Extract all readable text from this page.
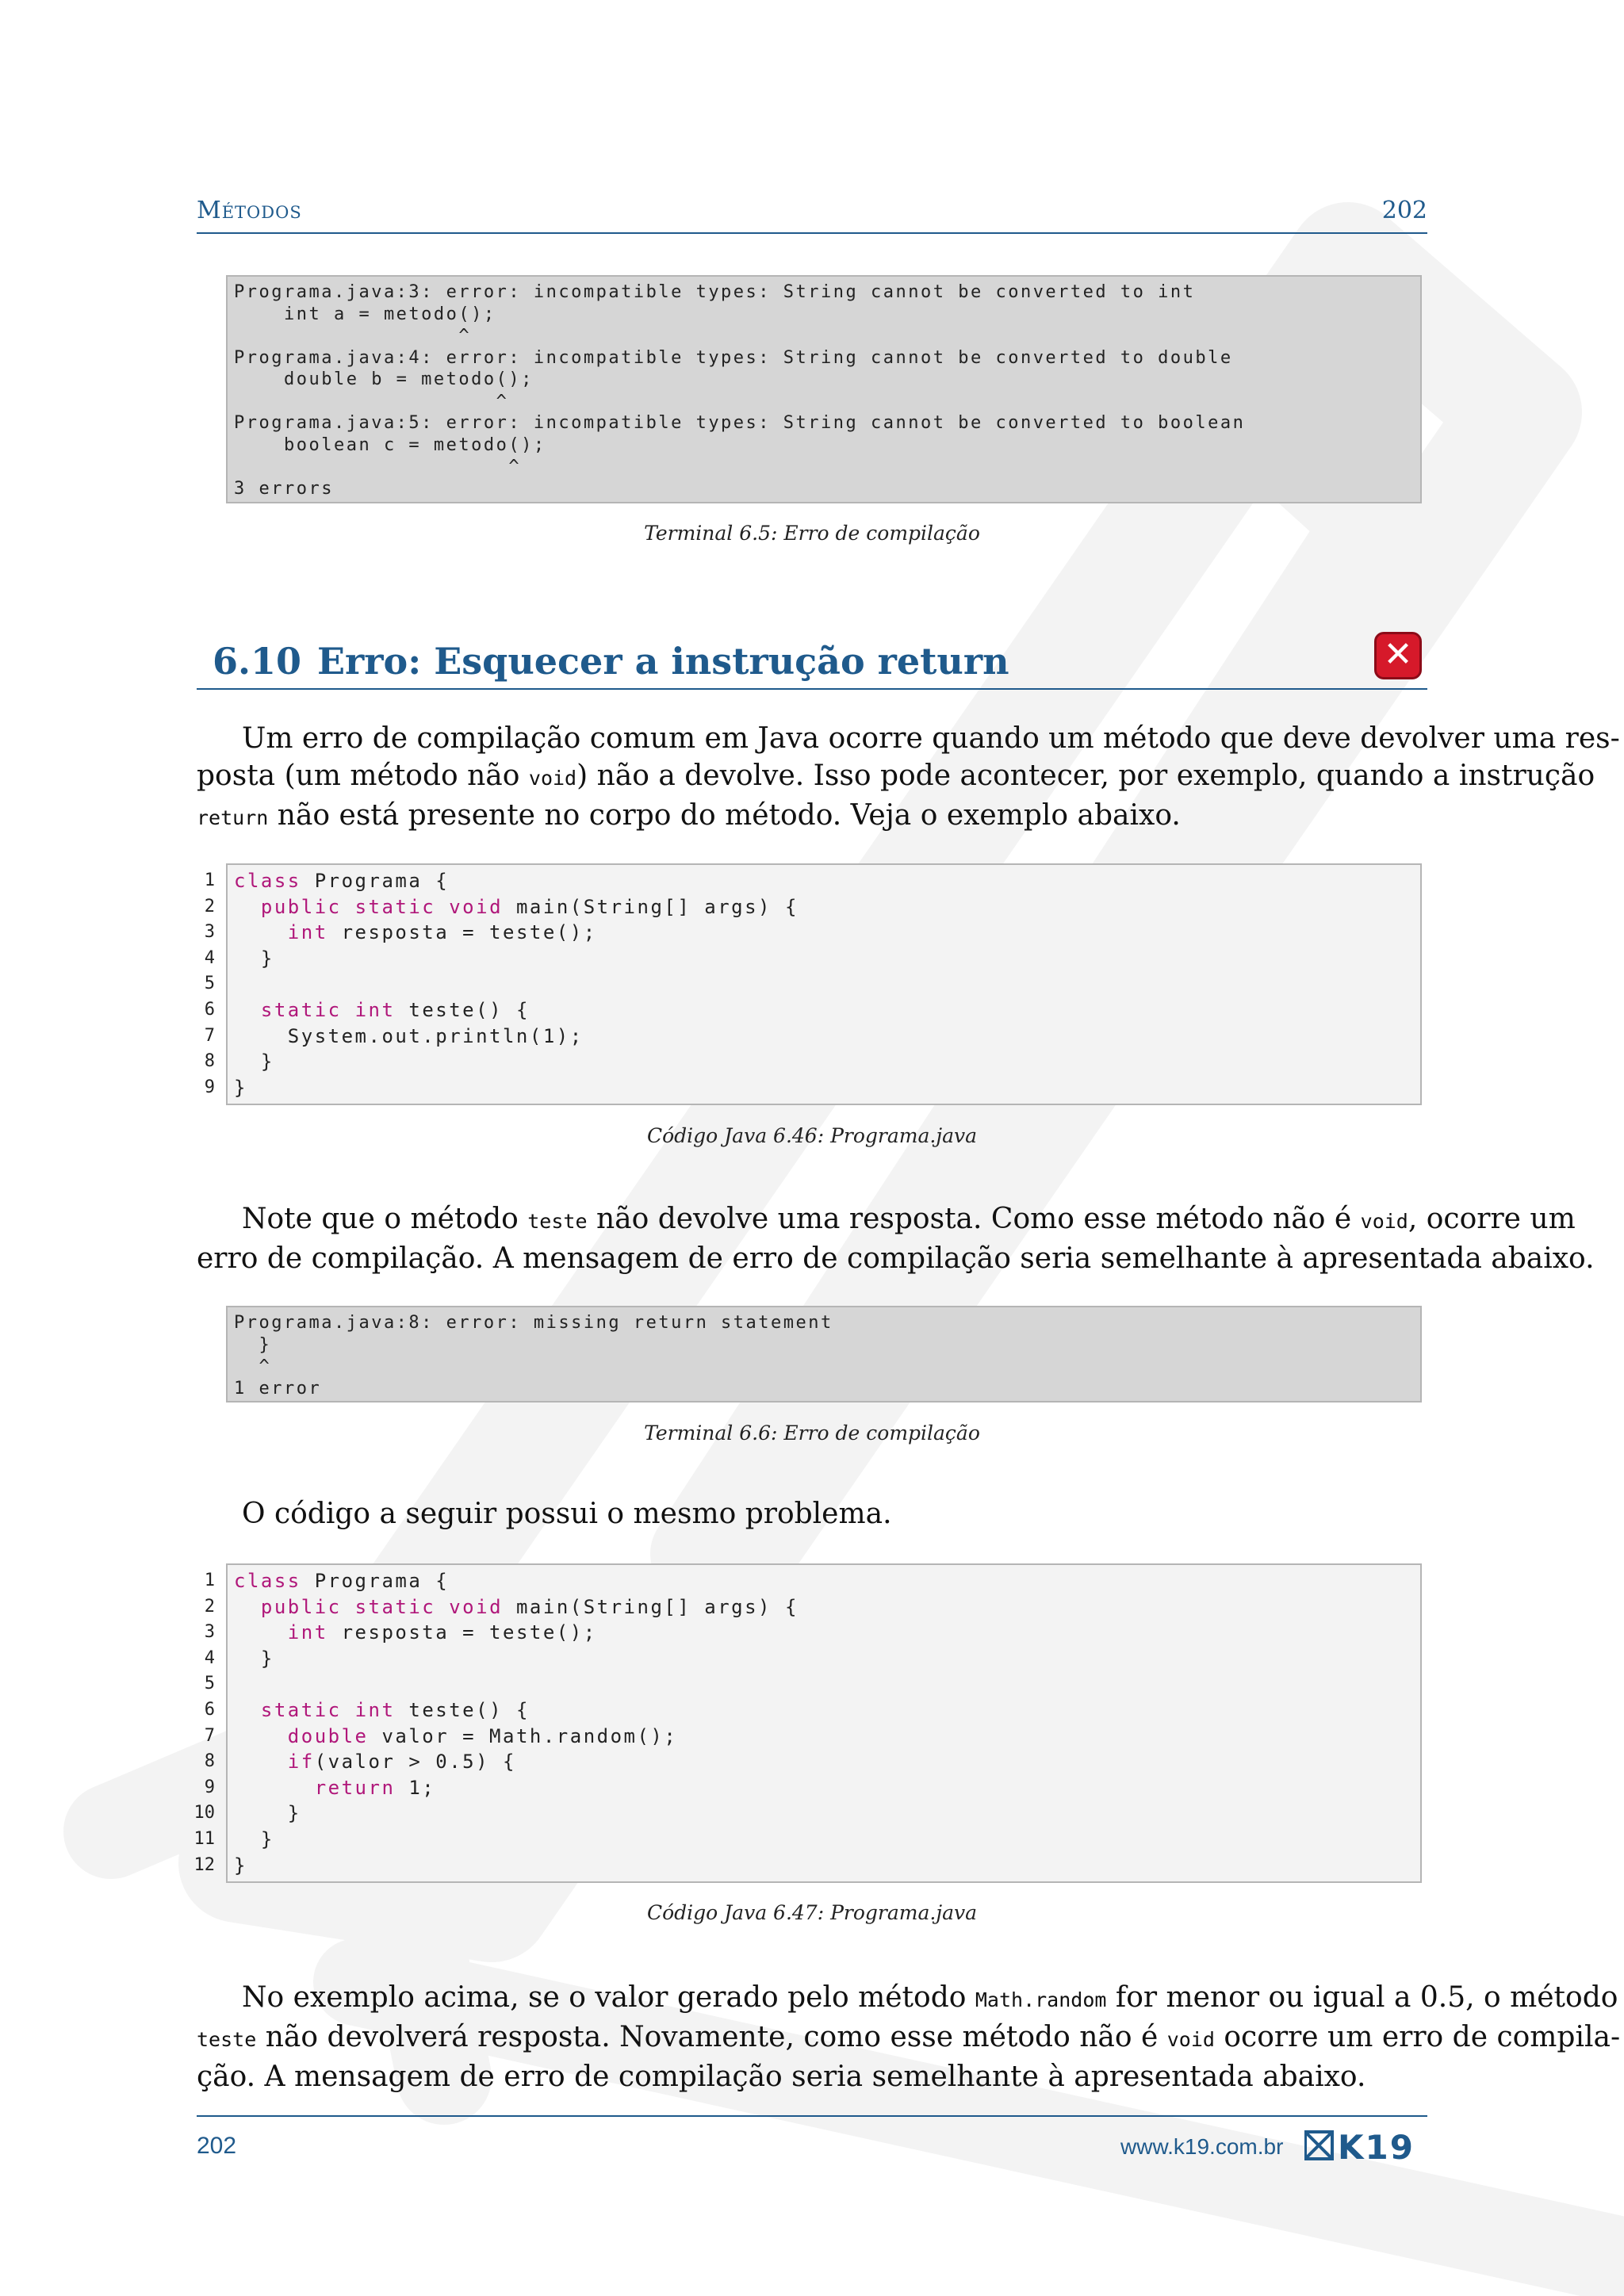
Métodos	202
Programa.java:3: error: incompatible types: String cannot be converted to int
int a = metodo();
^
Programa.java:4: error: incompatible types: String cannot be converted to double
double b = metodo();
^
Programa.java:5: error: incompatible types: String cannot be converted to boolean
boolean c = metodo();
^
3 errors
Terminal 6.5: Erro de compilação
6.10 Erro: Esquecer a instrução return	✕
Um erro de compilação comum em Java ocorre quando um método que deve devolver uma res-
posta (um método não void) não a devolve. Isso pode acontecer, por exemplo, quando a instrução
return não está presente no corpo do método. Veja o exemplo abaixo.
1 class Programa {
2 public static void main(String[] args) {
3	int resposta = teste();
4 }
5
6 static int teste() {
7 System.out.println(1);
8 }
9 }
Código Java 6.46: Programa.java
Note que o método teste não devolve uma resposta. Como esse método não é void, ocorre um
erro de compilação. A mensagem de erro de compilação seria semelhante à apresentada abaixo.
Programa.java:8: error: missing return statement
}
^
1 error
Terminal 6.6: Erro de compilação
O código a seguir possui o mesmo problema.
1 class Programa {
2 public static void main(String[] args) {
3	int resposta = teste();
4 }
5
6 static int teste() {
7	double valor = Math.random();
8	if(valor > 0.5) {
9	return 1;
10 }
11 }
12 }
Código Java 6.47: Programa.java
No exemplo acima, se o valor gerado pelo método Math.random for menor ou igual a 0.5, o método
teste não devolverá resposta. Novamente, como esse método não é void ocorre um erro de compila-
ção. A mensagem de erro de compilação seria semelhante à apresentada abaixo.
202	www.k19.com.br K19
